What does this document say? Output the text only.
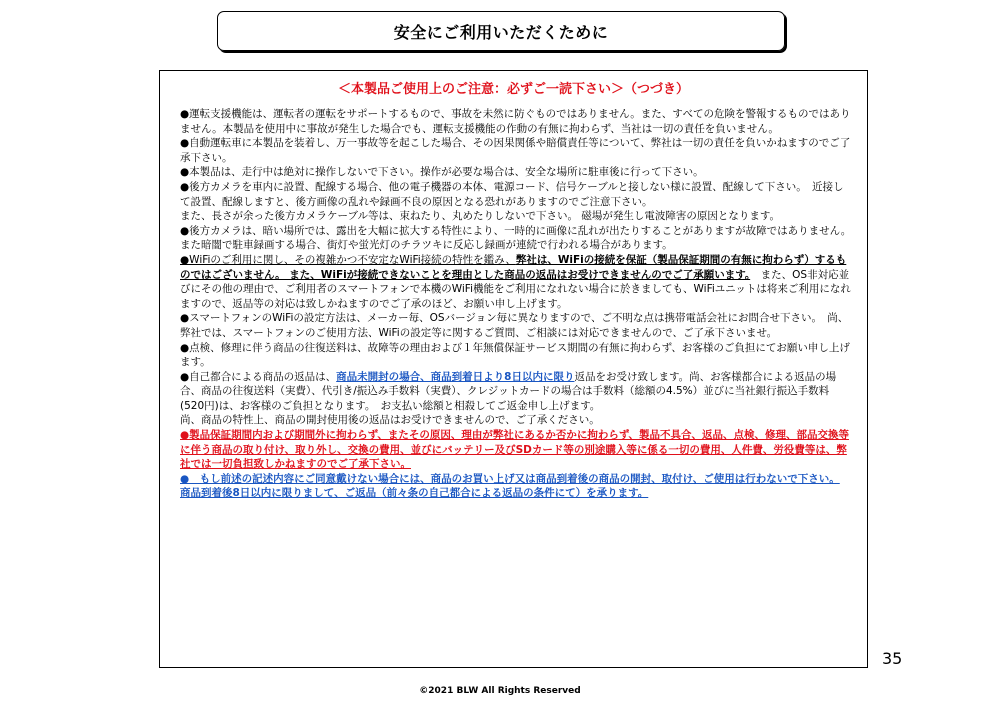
安全にご利用いただくために
＜本製品ご使用上のご注意：必ずご一読下さい＞（つづき）

●運転支援機能は、運転者の運転をサポートするもので、事故を未然に防ぐものではありません。また、すべての危険を警報するものではありません。本製品を使用中に事故が発生した場合でも、運転支援機能の作動の有無に拘わらず、当社は一切の責任を負いません。

●自動運転車に本製品を装着し、万一事故等を起こした場合、その因果関係や賠償責任等について、弊社は一切の責任を負いかねますのでご了承下さい。

●本製品は、走行中は絶対に操作しないで下さい。操作が必要な場合は、安全な場所に駐車後に行って下さい。

●後方カメラを車内に設置、配線する場合、他の電子機器の本体、電源コード、信号ケーブルと接しない様に設置、配線して下さい。　近接して設置、配線しますと、後方画像の乱れや録画不良の原因となる恐れがありますのでご注意下さい。

また、長さが余った後方カメラケーブル等は、束ねたり、丸めたりしないで下さい。 磁場が発生し電波障害の原因となります。

●後方カメラは、暗い場所では、露出を大幅に拡大する特性により、一時的に画像に乱れが出たりすることがありますが故障ではありません。 また暗闇で駐車録画する場合、街灯や蛍光灯のチラツキに反応し録画が連続で行われる場合があります。

●WiFiのご利用に関し、その複雑かつ不安定なWiFi接続の特性を鑑み、弊社は、WiFiの接続を保証（製品保証期間の有無に拘わらず）するものではございません。 また、WiFiが接続できないことを理由とした商品の返品はお受けできませんのでご了承願います。　また、OS非対応並びにその他の理由で、ご利用者のスマートフォンで本機のWiFi機能をご利用になれない場合に於きましても、WiFiユニットは将来ご利用になれますので、返品等の対応は致しかねますのでご了承のほど、お願い申し上げます。

●スマートフォンのWiFiの設定方法は、メーカー毎、OSバージョン毎に異なりますので、ご不明な点は携帯電話会社にお問合せ下さい。　尚、弊社では、スマートフォンのご使用方法、WiFiの設定等に関するご質問、ご相談には対応できませんので、ご了承下さいませ。

●点検、修理に伴う商品の往復送料は、故障等の理由および１年無償保証サービス期間の有無に拘わらず、お客様のご負担にてお願い申し上げます。

●自己都合による商品の返品は、商品未開封の場合、商品到着日より8日以内に限り返品をお受け致します。尚、お客様都合による返品の場合、商品の往復送料（実費）、代引き/振込み手数料（実費）、クレジットカードの場合は手数料（総額の4.5%）並びに当社銀行振込手数料(520円)は、お客様のご負担となります。　お支払い総額と相殺してご返金申し上げます。

尚、商品の特性上、商品の開封使用後の返品はお受けできませんので、ご了承ください。

●製品保証期間内および期間外に拘わらず、またその原因、理由が弊社にあるか否かに拘わらず、製品不具合、返品、点検、修理、部品交換等に伴う商品の取り付け、取り外し、交換の費用、並びにバッテリー及びSDカード等の別途購入等に係る一切の費用、人件費、労役費等は、弊社では一切負担致しかねますのでご了承下さい。

●　もし前述の記述内容にご同意戴けない場合には、商品のお買い上げ又は商品到着後の商品の開封、取付け、ご使用は行わないで下さい。 商品到着後8日以内に限りまして、ご返品（前々条の自己都合による返品の条件にて）を承ります。

35
©2021 BLW All Rights Reserved
